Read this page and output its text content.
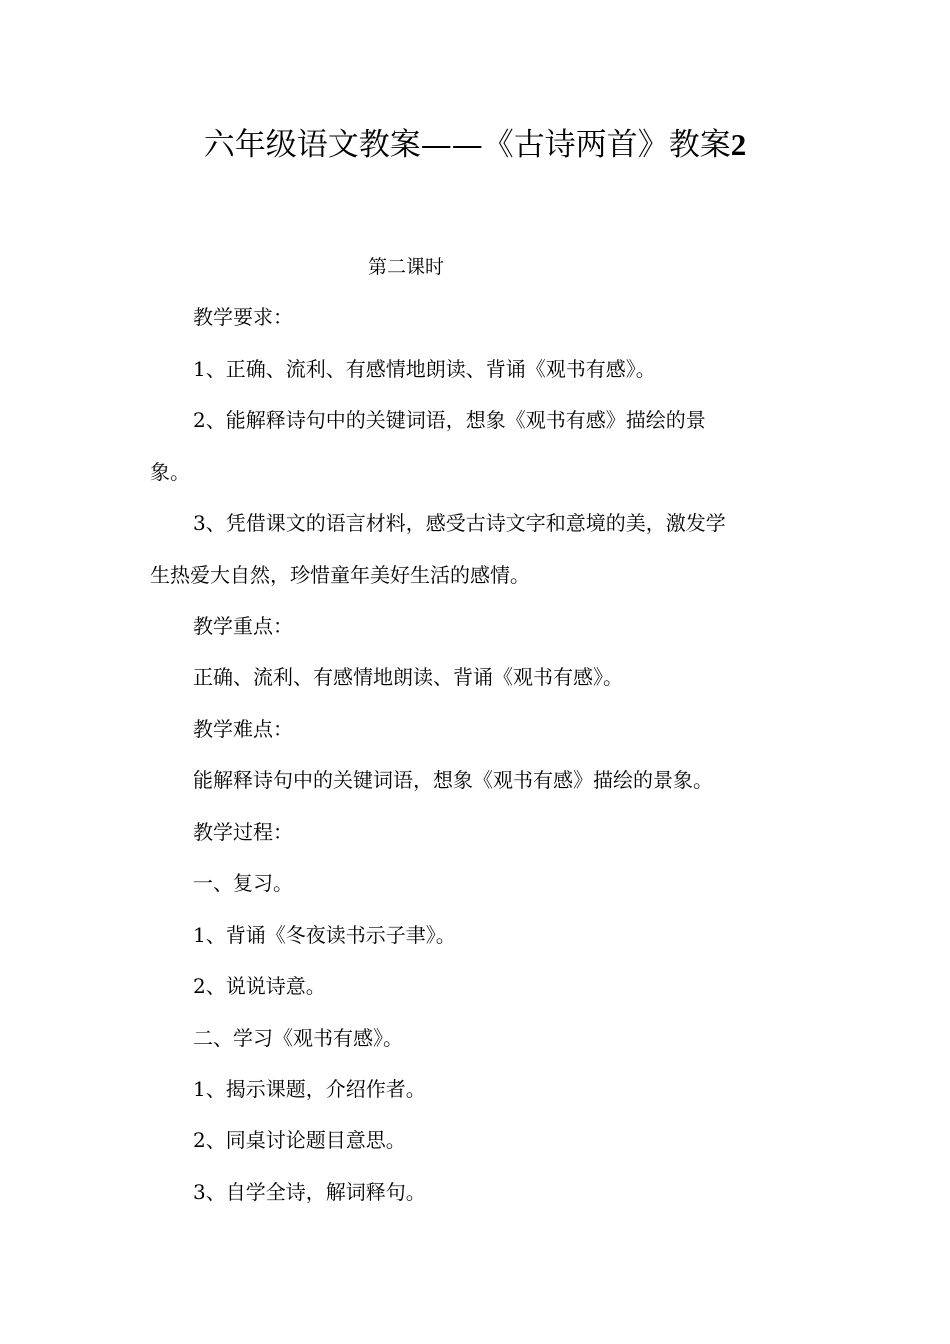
六年级语文教案——《古诗两首》教案2
第二课时
教学要求：
1、正确、流利、有感情地朗读、背诵《观书有感》。
2、能解释诗句中的关键词语，想象《观书有感》描绘的景
象。
3、凭借课文的语言材料，感受古诗文字和意境的美，激发学
生热爱大自然，珍惜童年美好生活的感情。
教学重点：
正确、流利、有感情地朗读、背诵《观书有感》。
教学难点：
能解释诗句中的关键词语，想象《观书有感》描绘的景象。
教学过程：
一、复习。
1、背诵《冬夜读书示子聿》。
2、说说诗意。
二、学习《观书有感》。
1、揭示课题，介绍作者。
2、同桌讨论题目意思。
3、自学全诗，解词释句。
